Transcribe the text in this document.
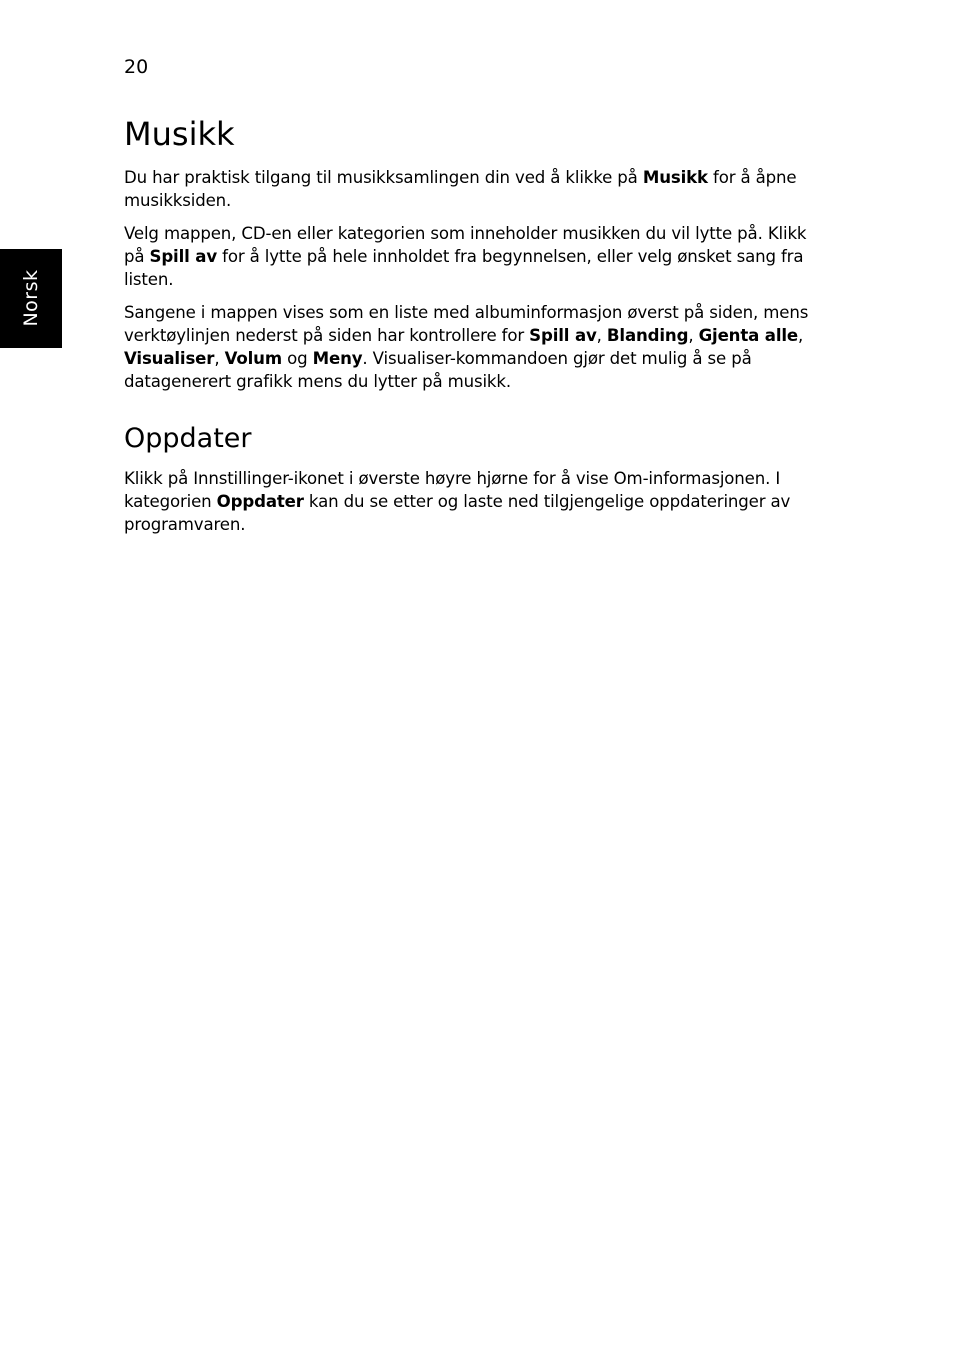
20
Norsk
Musikk

Du har praktisk tilgang til musikksamlingen din ved å klikke på Musikk for å åpne musikksiden.

Velg mappen, CD-en eller kategorien som inneholder musikken du vil lytte på. Klikk på Spill av for å lytte på hele innholdet fra begynnelsen, eller velg ønsket sang fra listen.

Sangene i mappen vises som en liste med albuminformasjon øverst på siden, mens verktøylinjen nederst på siden har kontrollere for Spill av, Blanding, Gjenta alle, Visualiser, Volum og Meny. Visualiser-kommandoen gjør det mulig å se på datagenerert grafikk mens du lytter på musikk.

Oppdater

Klikk på Innstillinger-ikonet i øverste høyre hjørne for å vise Om-informasjonen. I kategorien Oppdater kan du se etter og laste ned tilgjengelige oppdateringer av programvaren.
